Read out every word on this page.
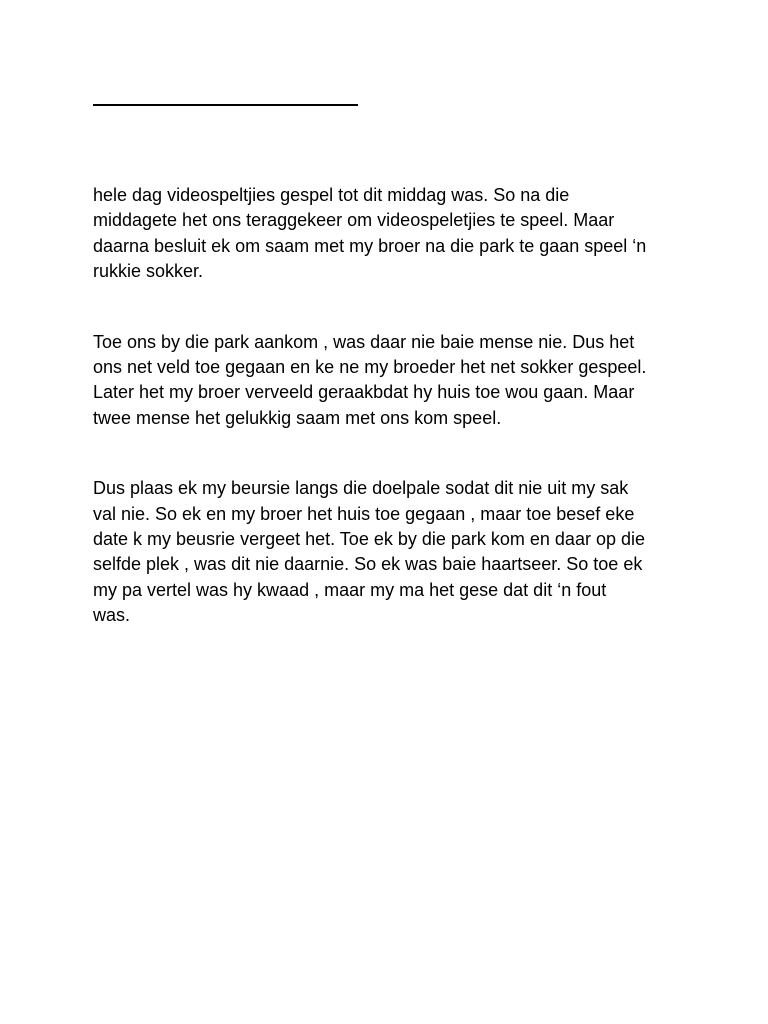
hele dag videospeltjies gespel tot dit middag was. So na die
middagete het ons teraggekeer om videospeletjies te speel. Maar
daarna besluit ek om saam met my broer na die park te gaan speel ‘n
rukkie sokker.

Toe ons by die park aankom , was daar nie baie mense nie. Dus het
ons net veld toe gegaan en ke ne my broeder het net sokker gespeel.
Later het my broer verveeld geraakbdat hy huis toe wou gaan. Maar
twee mense het gelukkig saam met ons kom speel.

Dus plaas ek my beursie langs die doelpale sodat dit nie uit my sak
val nie. So ek en my broer het huis toe gegaan , maar toe besef eke
date k my beusrie vergeet het. Toe ek by die park kom en daar op die
selfde plek , was dit nie daarnie. So ek was baie haartseer. So toe ek
my pa vertel was hy kwaad , maar my ma het gese dat dit ‘n fout
was.
